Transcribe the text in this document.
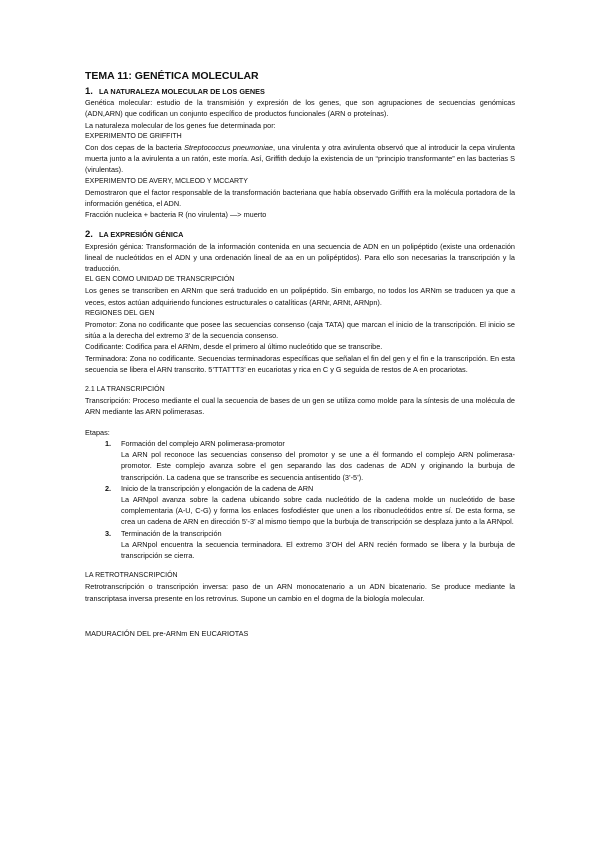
TEMA 11: GENÉTICA MOLECULAR
1. LA NATURALEZA MOLECULAR DE LOS GENES

Genética molecular: estudio de la transmisión y expresión de los genes, que son agrupaciones de secuencias genómicas (ADN,ARN) que codifican un conjunto específico de productos funcionales (ARN o proteínas).

La naturaleza molecular de los genes fue determinada por:

EXPERIMENTO DE GRIFFITH

Con dos cepas de la bacteria Streptococcus pneumoniae, una virulenta y otra avirulenta observó que al introducir la cepa virulenta muerta junto a la avirulenta a un ratón, este moría. Así, Griffith dedujo la existencia de un “principio transformante” en las bacterias S (virulentas).

EXPERIMENTO DE AVERY, MCLEOD Y MCCARTY

Demostraron que el factor responsable de la transformación bacteriana que había observado Griffith era la molécula portadora de la información genética, el ADN.

Fracción nucleica + bacteria R (no virulenta) —> muerto

2. LA EXPRESIÓN GÉNICA

Expresión génica: Transformación de la información contenida en una secuencia de ADN en un polipéptido (existe una ordenación lineal de nucleótidos en el ADN y una ordenación lineal de aa en un polipéptidos). Para ello son necesarias la transcripción y la traducción.

EL GEN COMO UNIDAD DE TRANSCRIPCIÓN

Los genes se transcriben en ARNm que será traducido en un polipéptido. Sin embargo, no todos los ARNm se traducen ya que a veces, estos actúan adquiriendo funciones estructurales o catalíticas (ARNr, ARNt, ARNpn).

REGIONES DEL GEN

Promotor: Zona no codificante que posee las secuencias consenso (caja TATA) que marcan el inicio de la transcripción. El inicio se sitúa a la derecha del extremo 3’ de la secuencia consenso.

Codificante: Codifica para el ARNm, desde el primero al último nucleótido que se transcribe.

Terminadora: Zona no codificante. Secuencias terminadoras específicas que señalan el fin del gen y el fin e la transcripción. En esta secuencia se libera el ARN transcrito. 5’TTATTT3’ en eucariotas y rica en C y G seguida de restos de A en procariotas.

2.1 LA TRANSCRIPCIÓN

Transcripción: Proceso mediante el cual la secuencia de bases de un gen se utiliza como molde para la síntesis de una molécula de ARN mediante las ARN polimerasas.

Etapas:

1. Formación del complejo ARN polimerasa-promotor

La ARN pol reconoce las secuencias consenso del promotor y se une a él formando el complejo ARN polimerasa-promotor. Este complejo avanza sobre el gen separando las dos cadenas de ADN y originando la burbuja de transcripción. La cadena que se transcribe es secuencia antisentido (3’-5’).

2. Inicio de la transcripción y elongación de la cadena de ARN

La ARNpol avanza sobre la cadena ubicando sobre cada nucleótido de la cadena molde un nucleótido de base complementaria (A-U, C-G) y forma los enlaces fosfodiéster que unen a los ribonucleótidos entre sí. De esta forma, se crea un cadena de ARN en dirección 5’-3’ al mismo tiempo que la burbuja de transcripción se desplaza junto a la ARNpol.

3. Terminación de la transcripción

La ARNpol encuentra la secuencia terminadora. El extremo 3’OH del ARN recién formado se libera y la burbuja de transcripción se cierra.

LA RETROTRANSCRIPCIÓN

Retrotranscripción o transcripción inversa: paso de un ARN monocatenario a un ADN bicatenario. Se produce mediante la transcriptasa inversa presente en los retrovirus. Supone un cambio en el dogma de la biología molecular.

MADURACIÓN DEL pre-ARNm EN EUCARIOTAS
